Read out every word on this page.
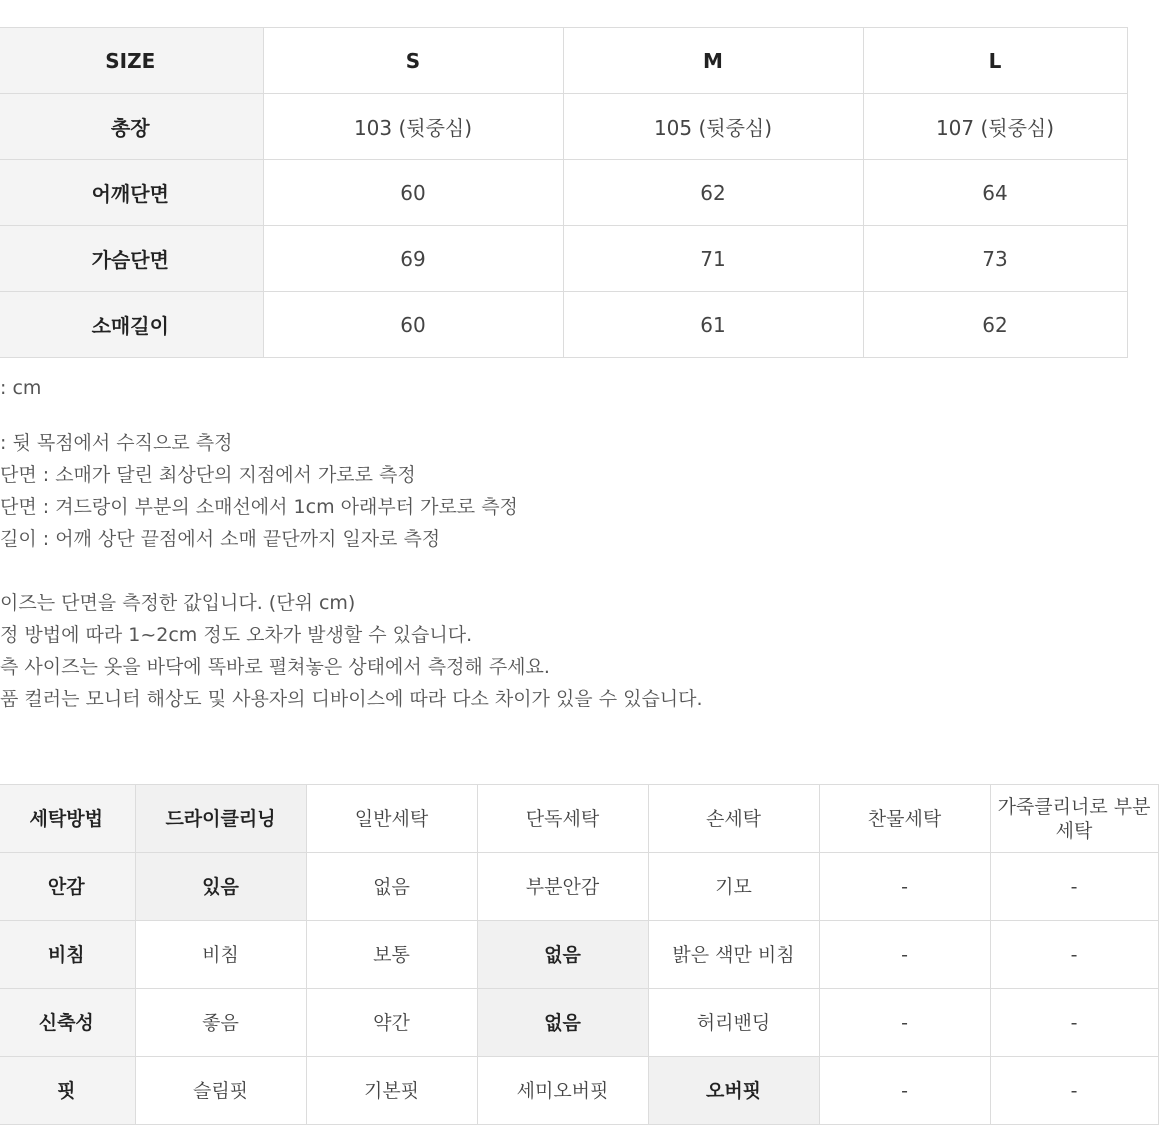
SIZE	S	M	L
총장	103 (뒷중심)	105 (뒷중심)	107 (뒷중심)
어깨단면	60	62	64
가슴단면	69	71	73
소매길이	60	61	62
: cm
: 뒷 목점에서 수직으로 측정
단면 : 소매가 달린 최상단의 지점에서 가로로 측정
단면 : 겨드랑이 부분의 소매선에서 1cm 아래부터 가로로 측정
길이 : 어깨 상단 끝점에서 소매 끝단까지 일자로 측정
이즈는 단면을 측정한 값입니다. (단위 cm)
정 방법에 따라 1~2cm 정도 오차가 발생할 수 있습니다.
측 사이즈는 옷을 바닥에 똑바로 펼쳐놓은 상태에서 측정해 주세요.
품 컬러는 모니터 해상도 및 사용자의 디바이스에 따라 다소 차이가 있을 수 있습니다.
세탁방법	드라이클리닝	일반세탁	단독세탁	손세탁	찬물세탁	가죽클리너로 부분세탁
안감	있음	없음	부분안감	기모	-	-
비침	비침	보통	없음	밝은 색만 비침	-	-
신축성	좋음	약간	없음	허리밴딩	-	-
핏	슬림핏	기본핏	세미오버핏	오버핏	-	-
